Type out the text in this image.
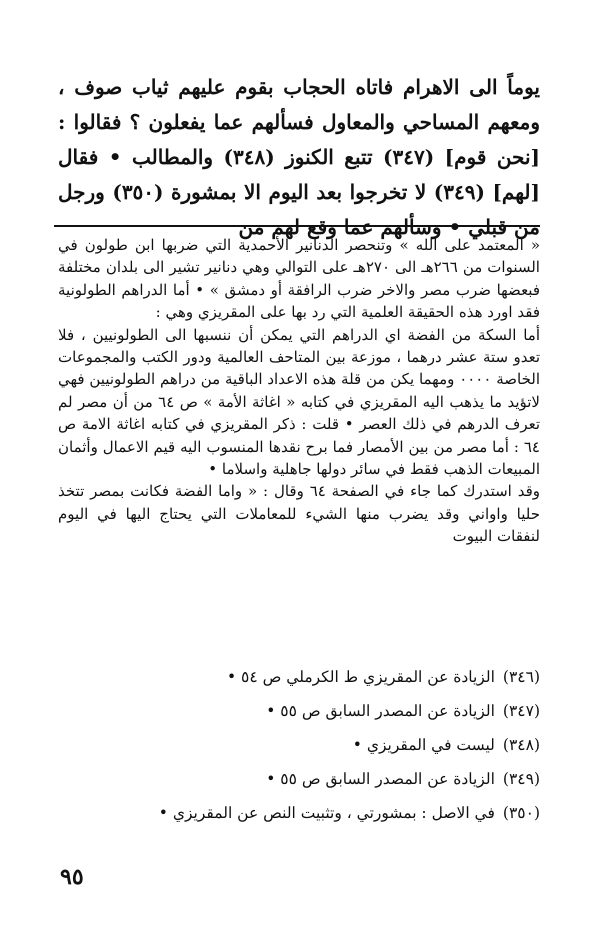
يوماً الى الاهرام فاتاه الحجاب بقوم عليهم ثياب صوف ، ومعهم المساحي والمعاول فسألهم عما يفعلون ؟ فقالوا : [نحن قوم] (٣٤٧) تتبع الكنوز (٣٤٨) والمطالب • فقال [لهم] (٣٤٩) لا تخرجوا بعد اليوم الا بمشورة (٣٥٠) ورجل من قبلي • وسألهم عما وقع لهم من

« المعتمد على الله » وتنحصر الدنانير الأحمدية التي ضربها ابن طولون في السنوات من ٢٦٦هـ الى ٢٧٠هـ على التوالي وهي دنانير تشير الى بلدان مختلفة فبعضها ضرب مصر والاخر ضرب الرافقة أو دمشق » • أما الدراهم الطولونية فقد اورد هذه الحقيقة العلمية التي رد بها على المقريزي وهي :

أما السكة من الفضة اي الدراهم التي يمكن أن ننسبها الى الطولونيين ، فلا تعدو ستة عشر درهما ، موزعة بين المتاحف العالمية ودور الكتب والمجموعات الخاصة ٠٠٠٠ ومهما يكن من قلة هذه الاعداد الباقية من دراهم الطولونيين فهي لاتؤيد ما يذهب اليه المقريزي في كتابه « اغاثة الأمة » ص ٦٤ من أن مصر لم تعرف الدرهم في ذلك العصر • قلت : ذكر المقريزي في كتابه اغاثة الامة ص ٦٤ : أما مصر من بين الأمصار فما برح نقدها المنسوب اليه قيم الاعمال وأثمان المبيعات الذهب فقط في سائر دولها جاهلية واسلاما •

وقد استدرك كما جاء في الصفحة ٦٤ وقال : « واما الفضة فكانت بمصر تتخذ حليا واواني وقد يضرب منها الشيء للمعاملات التي يحتاج اليها في اليوم لنفقات البيوت

(٣٤٦)الزيادة عن المقريزي ط الكرملي ص ٥٤ •
(٣٤٧)الزيادة عن المصدر السابق ص ٥٥ •
(٣٤٨)ليست في المقريزي •
(٣٤٩)الزيادة عن المصدر السابق ص ٥٥ •
(٣٥٠)في الاصل : بمشورتي ، وتثبيت النص عن المقريزي •
٩٥
